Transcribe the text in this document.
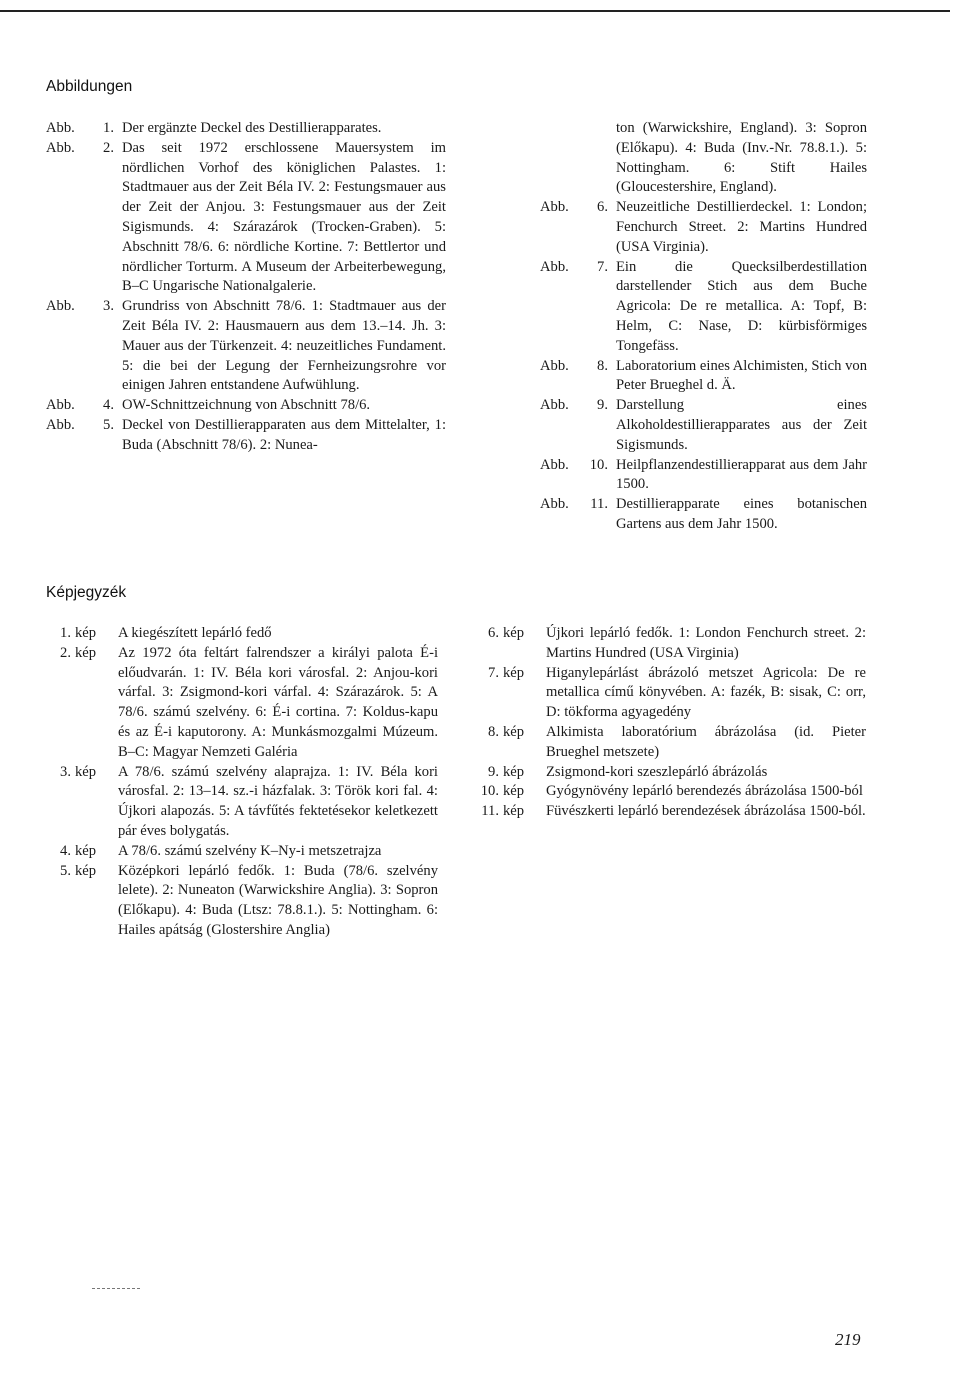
Abbildungen
Abb. 1. Der ergänzte Deckel des Destillierapparates.
Abb. 2. Das seit 1972 erschlossene Mauersystem im nördlichen Vorhof des königlichen Palastes. 1: Stadtmauer aus der Zeit Béla IV. 2: Festungsmauer aus der Zeit der Anjou. 3: Festungsmauer aus der Zeit Sigismunds. 4: Szárazárok (Trocken-Graben). 5: Abschnitt 78/6. 6: nördliche Kortine. 7: Bettlertor und nördlicher Torturm. A Museum der Arbeiterbewegung, B–C Ungarische Nationalgalerie.
Abb. 3. Grundriss von Abschnitt 78/6. 1: Stadtmauer aus der Zeit Béla IV. 2: Hausmauern aus dem 13.–14. Jh. 3: Mauer aus der Türkenzeit. 4: neuzeitliches Fundament. 5: die bei der Legung der Fernheizungsrohre vor einigen Jahren entstandene Aufwühlung.
Abb. 4. OW-Schnittzeichnung von Abschnitt 78/6.
Abb. 5. Deckel von Destillierapparaten aus dem Mittelalter, 1: Buda (Abschnitt 78/6). 2: Nunea-
ton (Warwickshire, England). 3: Sopron (Előkapu). 4: Buda (Inv.-Nr. 78.8.1.). 5: Nottingham. 6: Stift Hailes (Gloucestershire, England).
Abb. 6. Neuzeitliche Destillierdeckel. 1: London; Fenchurch Street. 2: Martins Hundred (USA Virginia).
Abb. 7. Ein die Quecksilberdestillation darstellender Stich aus dem Buche Agricola: De re metallica. A: Topf, B: Helm, C: Nase, D: kürbisförmiges Tongefäss.
Abb. 8. Laboratorium eines Alchimisten, Stich von Peter Brueghel d. Ä.
Abb. 9. Darstellung eines Alkoholdestillierapparates aus der Zeit Sigismunds.
Abb. 10. Heilpflanzendestillierapparat aus dem Jahr 1500.
Abb. 11. Destillierapparate eines botanischen Gartens aus dem Jahr 1500.
Képjegyzék
1. kép	A kiegészített lepárló fedő
2. kép	Az 1972 óta feltárt falrendszer a királyi palota É-i előudvarán. 1: IV. Béla kori városfal. 2: Anjou-kori várfal. 3: Zsigmond-kori várfal. 4: Szárazárok. 5: A 78/6. számú szelvény. 6: É-i cortina. 7: Koldus-kapu és az É-i kaputorony. A: Munkásmozgalmi Múzeum. B–C: Magyar Nemzeti Galéria
3. kép	A 78/6. számú szelvény alaprajza. 1: IV. Béla kori városfal. 2: 13–14. sz.-i házfalak. 3: Török kori fal. 4: Újkori alapozás. 5: A távfűtés fektetésekor keletkezett pár éves bolygatás.
4. kép	A 78/6. számú szelvény K–Ny-i metszetrajza
5. kép	Középkori lepárló fedők. 1: Buda (78/6. szelvény lelete). 2: Nuneaton (Warwickshire Anglia). 3: Sopron (Előkapu). 4: Buda (Ltsz: 78.8.1.). 5: Nottingham. 6: Hailes apátság (Glostershire Anglia)
6. kép	Újkori lepárló fedők. 1: London Fenchurch street. 2: Martins Hundred (USA Virginia)
7. kép	Higanylepárlást ábrázoló metszet Agricola: De re metallica című könyvében. A: fazék, B: sisak, C: orr, D: tökforma agyagedény
8. kép	Alkimista laboratórium ábrázolása (id. Pieter Brueghel metszete)
9. kép	Zsigmond-kori szeszlepárló ábrázolás
10. kép	Gyógynövény lepárló berendezés ábrázolása 1500-ból
11. kép	Füvészkerti lepárló berendezések ábrázolása 1500-ból.
219
